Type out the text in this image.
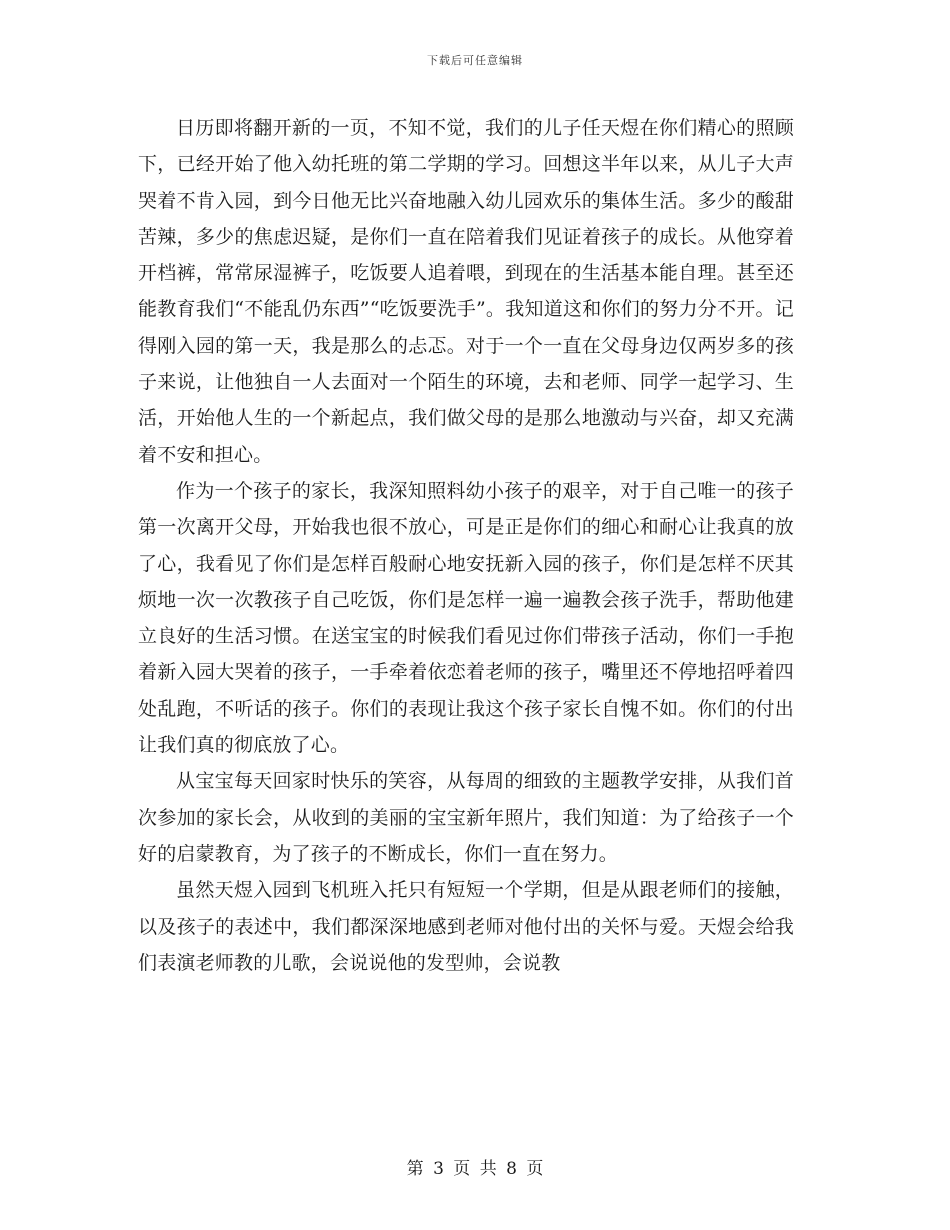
下载后可任意编辑

日历即将翻开新的一页，不知不觉，我们的儿子任天煜在你们精心的照顾下，已经开始了他入幼托班的第二学期的学习。回想这半年以来，从儿子大声哭着不肯入园，到今日他无比兴奋地融入幼儿园欢乐的集体生活。多少的酸甜苦辣，多少的焦虑迟疑，是你们一直在陪着我们见证着孩子的成长。从他穿着开档裤，常常尿湿裤子，吃饭要人追着喂，到现在的生活基本能自理。甚至还能教育我们“不能乱仍东西”“吃饭要洗手”。我知道这和你们的努力分不开。记得刚入园的第一天，我是那么的忐忑。对于一个一直在父母身边仅两岁多的孩子来说，让他独自一人去面对一个陌生的环境，去和老师、同学一起学习、生活，开始他人生的一个新起点，我们做父母的是那么地激动与兴奋，却又充满着不安和担心。

作为一个孩子的家长，我深知照料幼小孩子的艰辛，对于自己唯一的孩子第一次离开父母，开始我也很不放心，可是正是你们的细心和耐心让我真的放了心，我看见了你们是怎样百般耐心地安抚新入园的孩子，你们是怎样不厌其烦地一次一次教孩子自己吃饭，你们是怎样一遍一遍教会孩子洗手，帮助他建立良好的生活习惯。在送宝宝的时候我们看见过你们带孩子活动，你们一手抱着新入园大哭着的孩子，一手牵着依恋着老师的孩子，嘴里还不停地招呼着四处乱跑，不听话的孩子。你们的表现让我这个孩子家长自愧不如。你们的付出让我们真的彻底放了心。

从宝宝每天回家时快乐的笑容，从每周的细致的主题教学安排，从我们首次参加的家长会，从收到的美丽的宝宝新年照片，我们知道：为了给孩子一个好的启蒙教育，为了孩子的不断成长，你们一直在努力。

虽然天煜入园到飞机班入托只有短短一个学期，但是从跟老师们的接触，以及孩子的表述中，我们都深深地感到老师对他付出的关怀与爱。天煜会给我们表演老师教的儿歌，会说说他的发型帅，会说教

第 3 页 共 8 页
